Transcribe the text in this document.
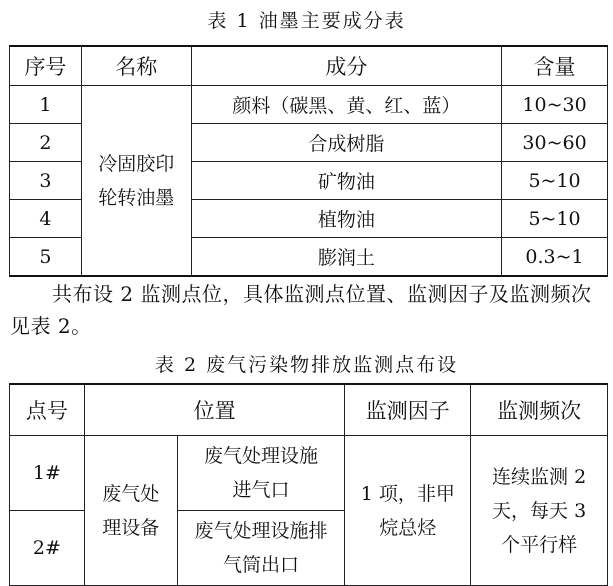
表 1 油墨主要成分表
序号	名称	成分	含量
1	冷固胶印轮转油墨	颜料（碳黑、黄、红、蓝）	10~30
2		合成树脂	30~60
3		矿物油	5~10
4		植物油	5~10
5		膨润土	0.3~1
共布设 2 监测点位，具体监测点位置、监测因子及监测频次见表 2。
表 2 废气污染物排放监测点布设
点号	位置		监测因子	监测频次
1#	废气处理设备	废气处理设施进气口	1 项，非甲烷总烃	连续监测 2 天，每天 3 个平行样
2#		废气处理设施排气筒出口		
